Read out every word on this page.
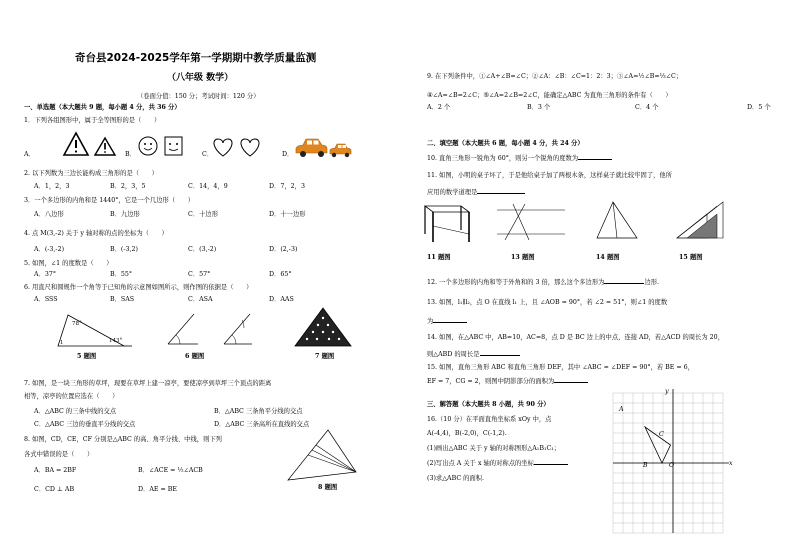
奇台县2024-2025学年第一学期期中教学质量监测
（八年级 数学）
（卷面分值：150 分；考试时间：120 分）
一、单选题（本大题共 9 题，每小题 4 分，共 36 分）
1．下列各组图形中，属于全等图形的是（　　）
A．	B．	C．	D．
2. 以下列数为三边长能构成三角形的是（　　）
A．1，2，3	B．2，3，5	C．14，4，9	D．7，2，3
3．一个多边形的内角和是 1440°，它是一个几边形（　　）
A．八边形	B．九边形	C．十边形	D．十一边形
4. 点 M(3,-2) 关于 y 轴对称的点的坐标为（　　）
A．(-3,-2)	B．(-3,2)	C．(3,-2)	D．(2,-3)
5. 如图，∠1 的度数是（　　）
A．37°	B．55°	C．57°	D．65°
6. 用直尺和圆规作一个角等于已知角的示意图如图所示，则作图的依据是（　　）
A．SSS	B．SAS	C．ASA	D．AAS
78°
143°
1
5 题图	6 题图	7 题图
7. 如图，是一块三角形的草坪，现要在草坪上建一凉亭，要使凉亭到草坪三个顶点的距离
相等，凉亭的位置应选在（　　）
A．△ABC 的三条中线的交点	B．△ABC 三条角平分线的交点
C．△ABC 三边的垂直平分线的交点	D．△ABC 三条高所在直线的交点
8. 如图，CD，CE，CF 分别是△ABC 的高、角平分线、中线，则下列
各式中错误的是（　　）
A．BA = 2BF	B．∠ACE = ½∠ACB
C．CD ⊥ AB	D．AE = BE	8 题图
9. 在下列条件中，①∠A+∠B=∠C；②∠A：∠B：∠C=1：2：3；③∠A=½∠B=⅓∠C；
④∠A=∠B=2∠C；⑤∠A=2∠B=2∠C，能确定△ABC 为直角三角形的条件有（　　）
A．2 个	B．3 个	C．4 个	D．5 个
二、填空题（本大题共 6 题，每小题 4 分，共 24 分）
10. 直角三角形一锐角为 60°，则另一个锐角的度数为
11. 如图，小明的桌子坏了，于是他给桌子加了两根木条，这样桌子就比较牢固了，他所
应用的数学道理是
11 题图	13 题图	14 题图	15 题图
12. 一个多边形的内角和等于外角和的 3 倍，那么这个多边形为	边形.
13. 如图，l₁∥l₂，点 O 在直线 l₁ 上，且 ∠AOB = 90°，若 ∠2 = 51°，则∠1 的度数
为
14. 如图，在△ABC 中，AB=10，AC=8，点 D 是 BC 边上的中点，连接 AD，若△ACD 的周长为 20，
则△ABD 的周长是
15. 如图，直角三角形 ABC 和直角三角形 DEF，其中 ∠ABC = ∠DEF = 90°，若 BE = 6，
EF = 7，CG = 2，则图中阴影部分的面积为
三、解答题（本大题共 8 小题，共 90 分）
16.（10 分）在平面直角坐标系 xOy 中，点
A(-4,4)，B(-2,0)，C(-1,2).
(1)画出△ABC 关于 y 轴的对称图形△A₁B₁C₁；
(2)写出点 A 关于 x 轴的对称点的坐标
(3)求△ABC 的面积.
y
x
A
B
C
O
